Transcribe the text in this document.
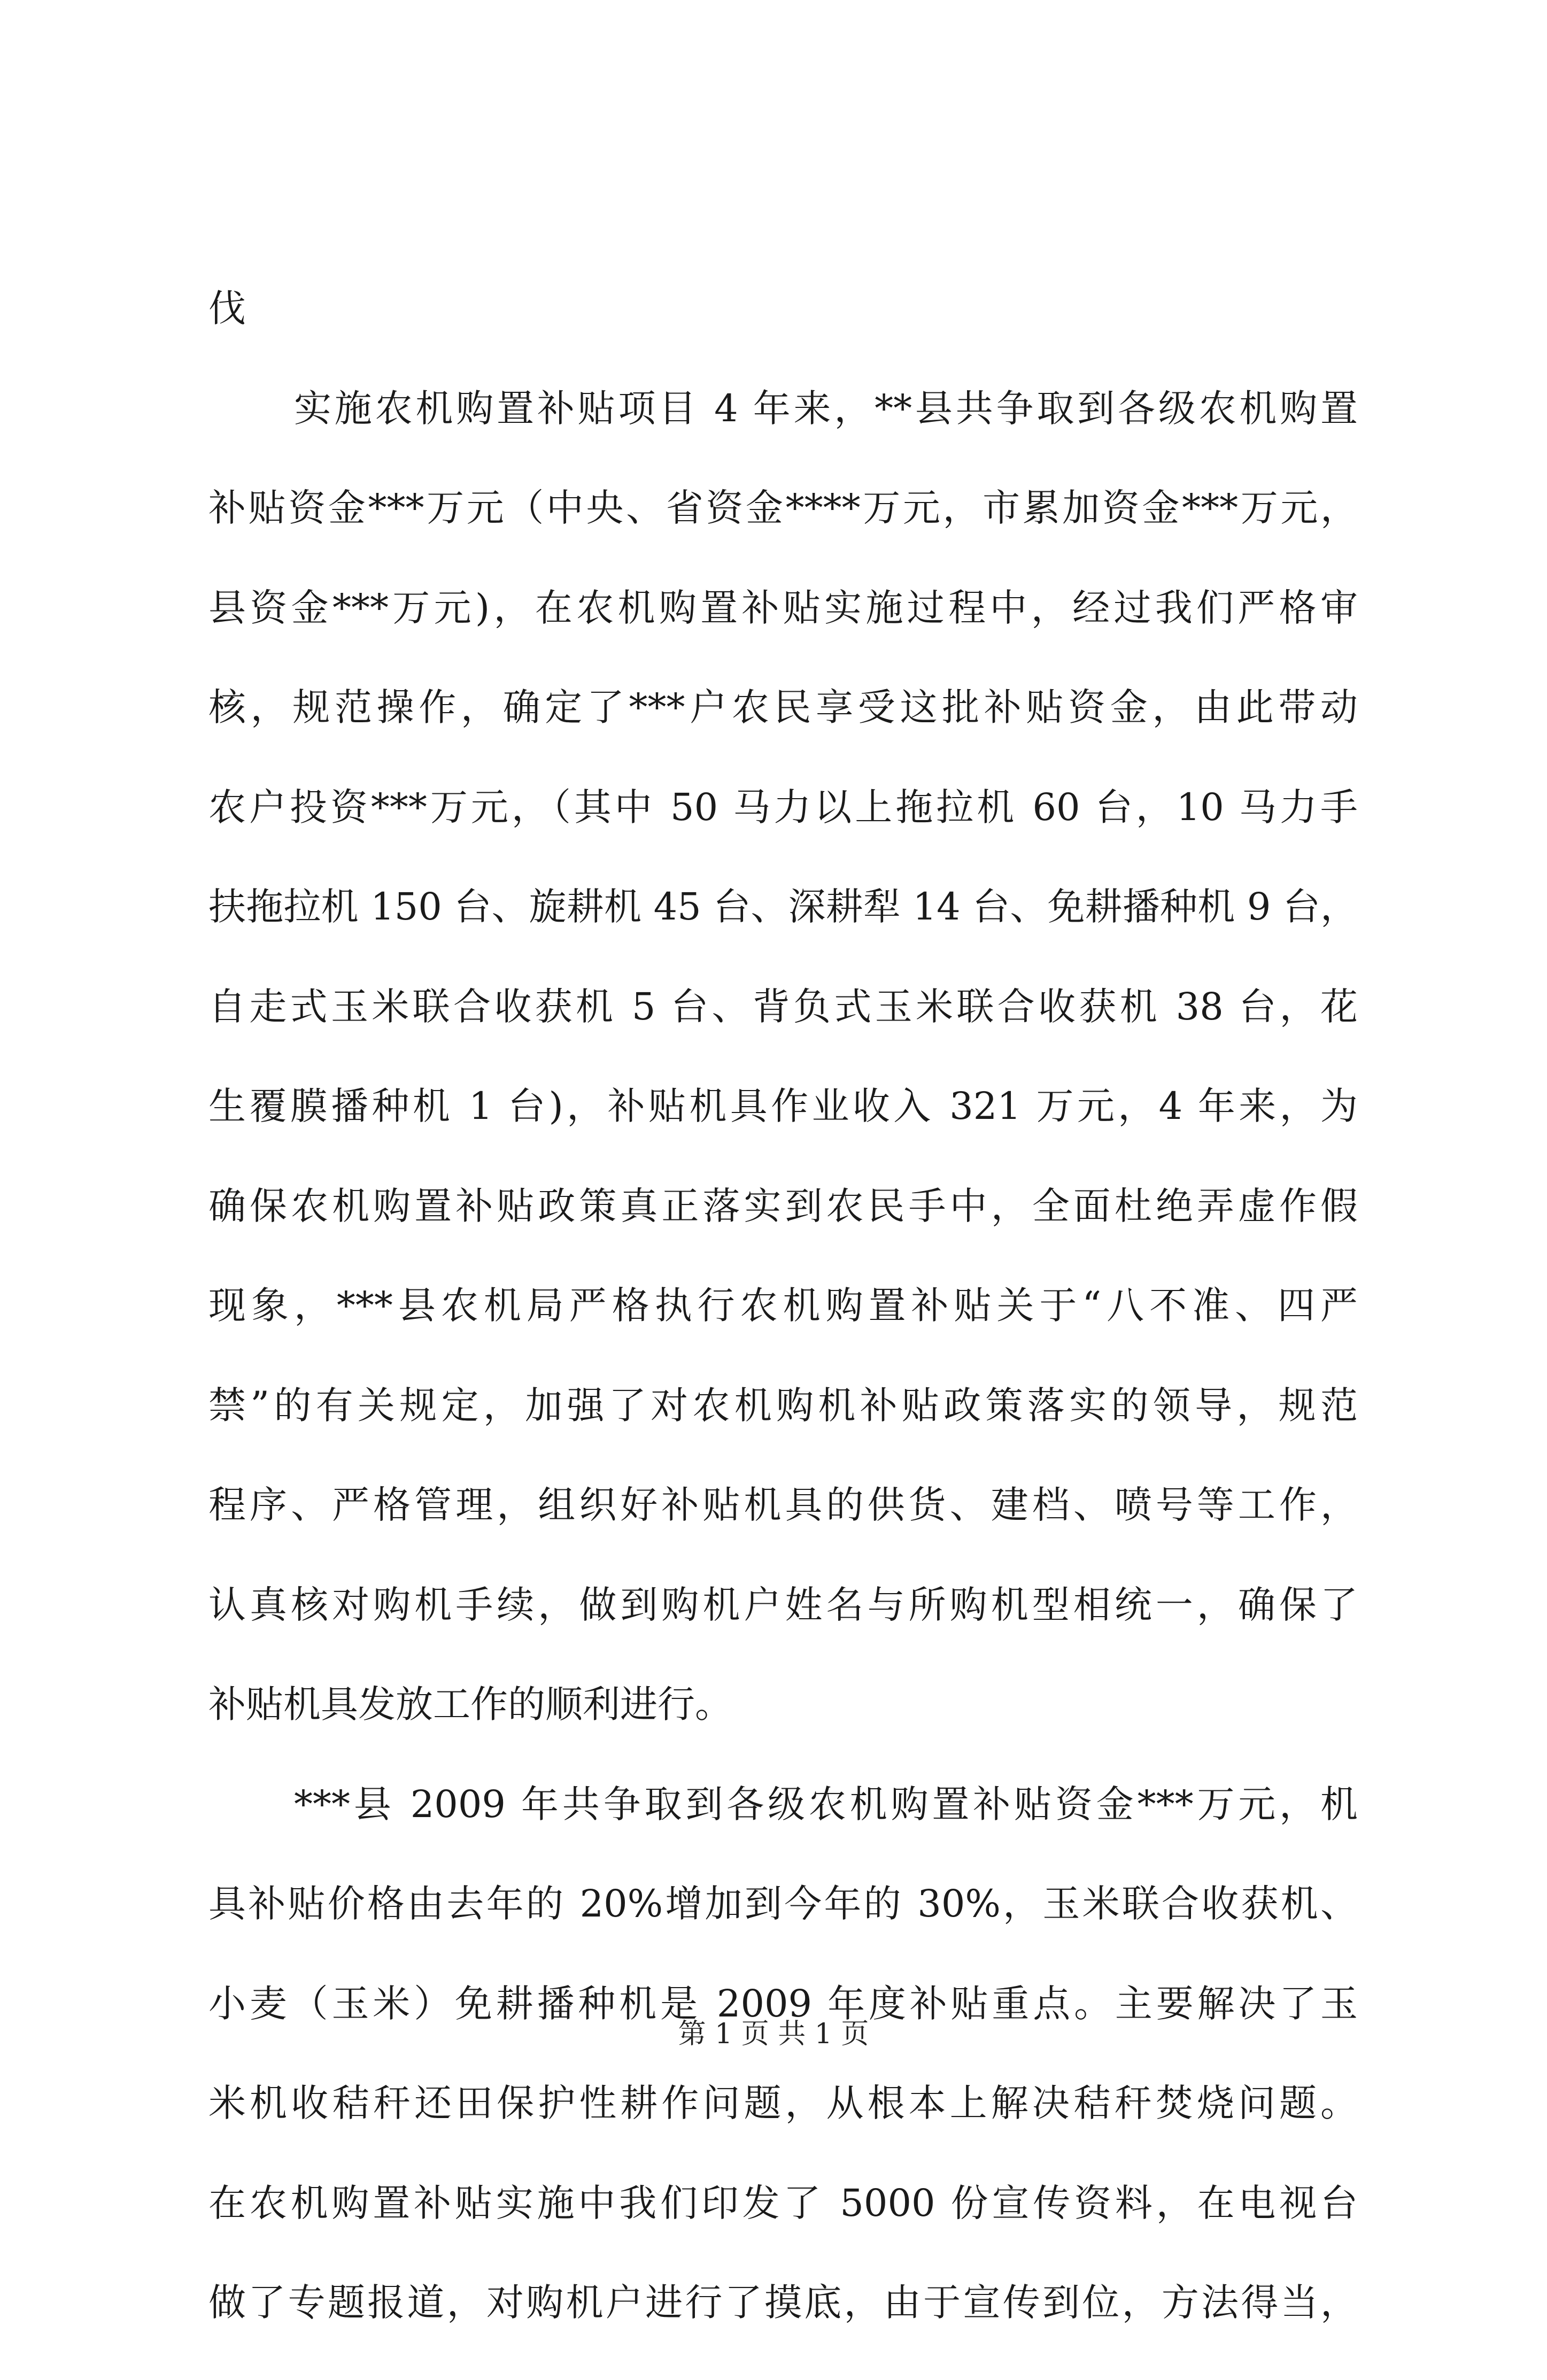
伐
实施农机购置补贴项目 4 年来，**县共争取到各级农机购置
补贴资金***万元（中央、省资金****万元，市累加资金***万元，
县资金***万元)，在农机购置补贴实施过程中，经过我们严格审
核，规范操作，确定了***户农民享受这批补贴资金，由此带动
农户投资***万元，（其中 50 马力以上拖拉机 60 台，10 马力手
扶拖拉机 150 台、旋耕机 45 台、深耕犁 14 台、免耕播种机 9 台，
自走式玉米联合收获机 5 台、背负式玉米联合收获机 38 台，花
生覆膜播种机 1 台)，补贴机具作业收入 321 万元，4 年来，为
确保农机购置补贴政策真正落实到农民手中，全面杜绝弄虚作假
现象，***县农机局严格执行农机购置补贴关于“八不准、四严
禁”的有关规定，加强了对农机购机补贴政策落实的领导，规范
程序、严格管理，组织好补贴机具的供货、建档、喷号等工作，
认真核对购机手续，做到购机户姓名与所购机型相统一，确保了
补贴机具发放工作的顺利进行。
***县 2009 年共争取到各级农机购置补贴资金***万元，机
具补贴价格由去年的 20%增加到今年的 30%，玉米联合收获机、
小麦（玉米）免耕播种机是 2009 年度补贴重点。主要解决了玉
米机收秸秆还田保护性耕作问题，从根本上解决秸秆焚烧问题。
在农机购置补贴实施中我们印发了 5000 份宣传资料，在电视台
做了专题报道，对购机户进行了摸底，由于宣传到位，方法得当，
第 1 页 共 1 页
